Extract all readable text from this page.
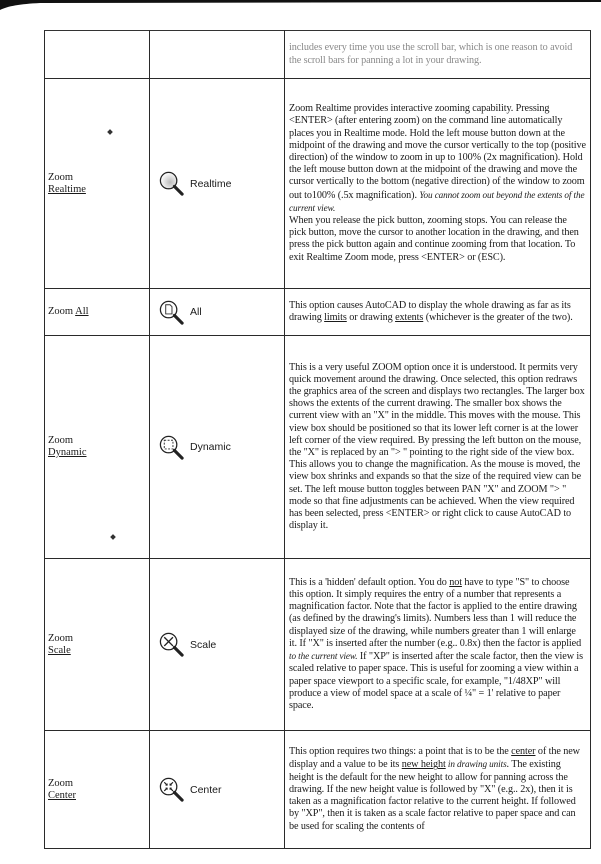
		includes every time you use the scroll bar, which is one reason to avoid the scroll bars for panning a lot in your drawing.

Zoom
Realtime	Realtime	Zoom Realtime provides interactive zooming capability. Pressing <ENTER> (after entering zoom) on the command line automatically places you in Realtime mode. Hold the left mouse button down at the midpoint of the drawing and move the cursor vertically to the top (positive direction) of the window to zoom in up to 100% (2x magnification). Hold the left mouse button down at the midpoint of the drawing and move the cursor vertically to the bottom (negative direction) of the window to zoom out to100% (.5x magnification). You cannot zoom out beyond the extents of the current view.
When you release the pick button, zooming stops. You can release the pick button, move the cursor to another location in the drawing, and then press the pick button again and continue zooming from that location. To exit Realtime Zoom mode, press <ENTER> or (ESC).

Zoom All	All	This option causes AutoCAD to display the whole drawing as far as its drawing limits or drawing extents (whichever is the greater of the two).

Zoom
Dynamic	Dynamic	This is a very useful ZOOM option once it is understood. It permits very quick movement around the drawing. Once selected, this option redraws the graphics area of the screen and displays two rectangles. The larger box shows the extents of the current drawing. The smaller box shows the current view with an "X" in the middle. This moves with the mouse. This view box should be positioned so that its lower left corner is at the lower left corner of the view required. By pressing the left button on the mouse, the "X" is replaced by an "> " pointing to the right side of the view box. This allows you to change the magnification. As the mouse is moved, the view box shrinks and expands so that the size of the required view can be set. The left mouse button toggles between PAN "X" and ZOOM "> " mode so that fine adjustments can be achieved. When the view required has been selected, press <ENTER> or right click to cause AutoCAD to display it.

Zoom
Scale	Scale	This is a 'hidden' default option. You do not have to type "S" to choose this option. It simply requires the entry of a number that represents a magnification factor. Note that the factor is applied to the entire drawing (as defined by the drawing's limits). Numbers less than 1 will reduce the displayed size of the drawing, while numbers greater than 1 will enlarge it. If "X" is inserted after the number (e.g.. 0.8x) then the factor is applied to the current view. If "XP" is inserted after the scale factor, then the view is scaled relative to paper space. This is useful for zooming a view within a paper space viewport to a specific scale, for example, "1/48XP" will produce a view of model space at a scale of ¼" = 1' relative to paper space.

Zoom
Center	Center	This option requires two things: a point that is to be the center of the new display and a value to be its new height in drawing units. The existing height is the default for the new height to allow for panning across the drawing. If the new height value is followed by "X" (e.g.. 2x), then it is taken as a magnification factor relative to the current height. If followed by "XP", then it is taken as a scale factor relative to paper space and can be used for scaling the contents of
